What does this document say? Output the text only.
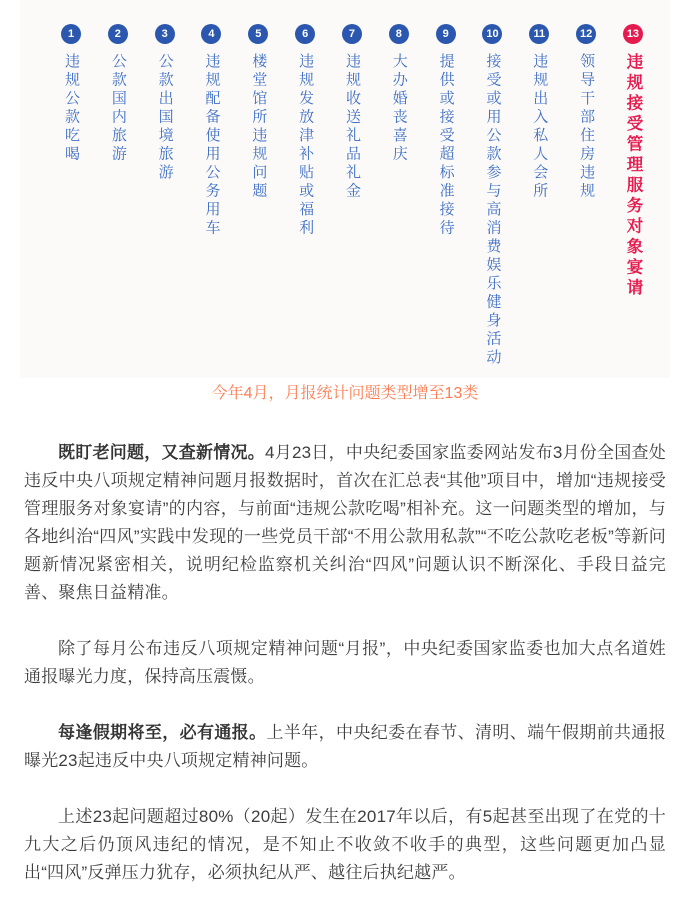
1
违规公款吃喝
2
公款国内旅游
3
公款出国境旅游
4
违规配备使用公务用车
5
楼堂馆所违规问题
6
违规发放津补贴或福利
7
违规收送礼品礼金
8
大办婚丧喜庆
9
提供或接受超标准接待
10
接受或用公款参与高消费娱乐健身活动
11
违规出入私人会所
12
领导干部住房违规
13
违规接受管理服务对象宴请
今年4月，月报统计问题类型增至13类

既盯老问题，又查新情况。4月23日，中央纪委国家监委网站发布3月份全国查处违反中央八项规定精神问题月报数据时，首次在汇总表“其他”项目中，增加“违规接受管理服务对象宴请”的内容，与前面“违规公款吃喝”相补充。这一问题类型的增加，与各地纠治“四风”实践中发现的一些党员干部“不用公款用私款”“不吃公款吃老板”等新问题新情况紧密相关，说明纪检监察机关纠治“四风”问题认识不断深化、手段日益完善、聚焦日益精准。

除了每月公布违反八项规定精神问题“月报”，中央纪委国家监委也加大点名道姓通报曝光力度，保持高压震慑。

每逢假期将至，必有通报。上半年，中央纪委在春节、清明、端午假期前共通报曝光23起违反中央八项规定精神问题。

上述23起问题超过80%（20起）发生在2017年以后，有5起甚至出现了在党的十九大之后仍顶风违纪的情况，是不知止不收敛不收手的典型，这些问题更加凸显出“四风”反弹压力犹存，必须执纪从严、越往后执纪越严。
